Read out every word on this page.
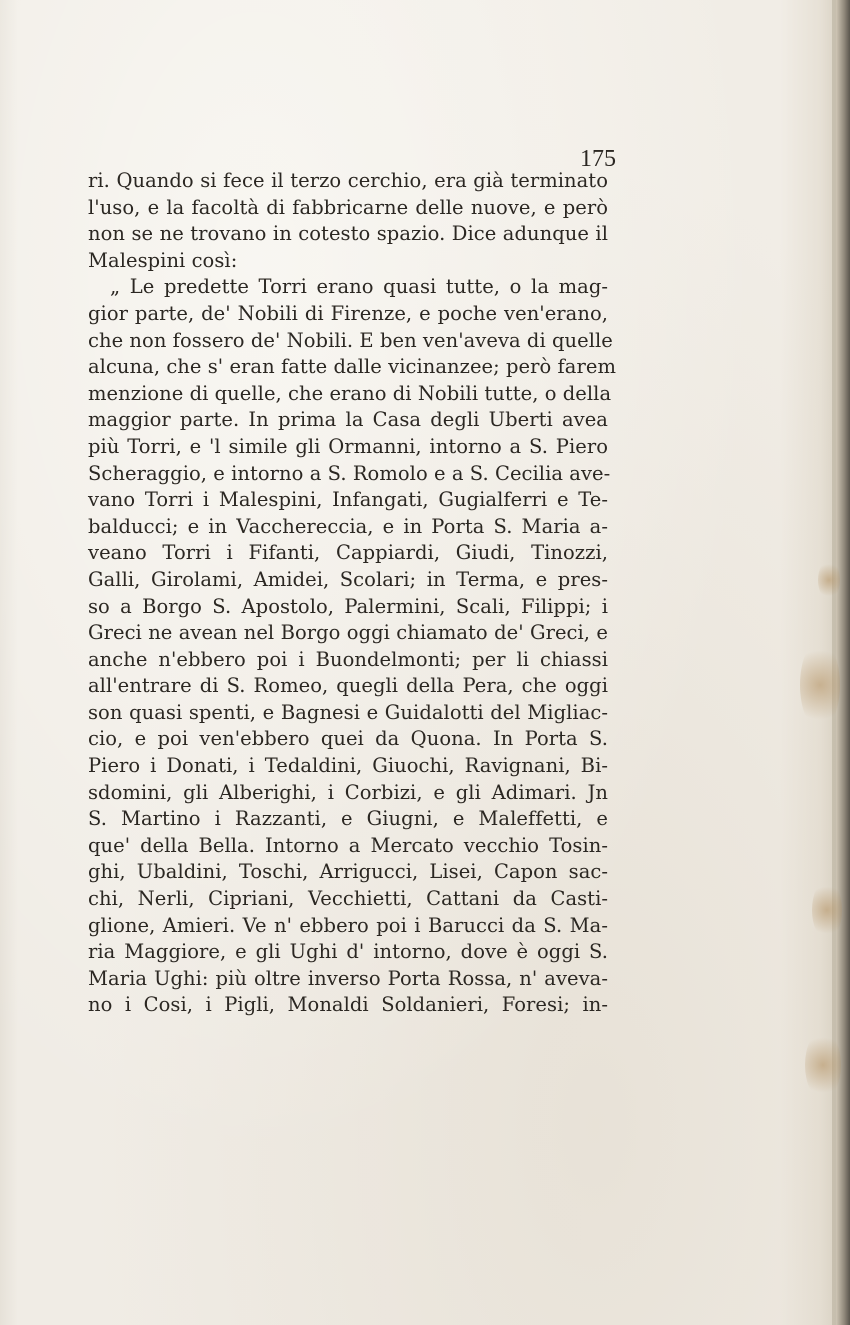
175
ri. Quando si fece il terzo cerchio, era già terminato
l'uso, e la facoltà di fabbricarne delle nuove, e però
non se ne trovano in cotesto spazio. Dice adunque il
Malespini così:
„ Le predette Torri erano quasi tutte, o la mag-
gior parte, de' Nobili di Firenze, e poche ven'erano,
che non fossero de' Nobili. E ben ven'aveva di quelle
alcuna, che s' eran fatte dalle vicinanzee; però farem
menzione di quelle, che erano di Nobili tutte, o della
maggior parte. In prima la Casa degli Uberti avea
più Torri, e 'l simile gli Ormanni, intorno a S. Piero
Scheraggio, e intorno a S. Romolo e a S. Cecilia ave-
vano Torri i Malespini, Infangati, Gugialferri e Te-
balducci; e in Vacchereccia, e in Porta S. Maria a-
veano Torri i Fifanti, Cappiardi, Giudi, Tinozzi,
Galli, Girolami, Amidei, Scolari; in Terma, e pres-
so a Borgo S. Apostolo, Palermini, Scali, Filippi; i
Greci ne avean nel Borgo oggi chiamato de' Greci, e
anche n'ebbero poi i Buondelmonti; per li chiassi
all'entrare di S. Romeo, quegli della Pera, che oggi
son quasi spenti, e Bagnesi e Guidalotti del Migliac-
cio, e poi ven'ebbero quei da Quona. In Porta S.
Piero i Donati, i Tedaldini, Giuochi, Ravignani, Bi-
sdomini, gli Alberighi, i Corbizi, e gli Adimari. Jn
S. Martino i Razzanti, e Giugni, e Maleffetti, e
que' della Bella. Intorno a Mercato vecchio Tosin-
ghi, Ubaldini, Toschi, Arrigucci, Lisei, Capon sac-
chi, Nerli, Cipriani, Vecchietti, Cattani da Casti-
glione, Amieri. Ve n' ebbero poi i Barucci da S. Ma-
ria Maggiore, e gli Ughi d' intorno, dove è oggi S.
Maria Ughi: più oltre inverso Porta Rossa, n' aveva-
no i Cosi, i Pigli, Monaldi Soldanieri, Foresi; in-
